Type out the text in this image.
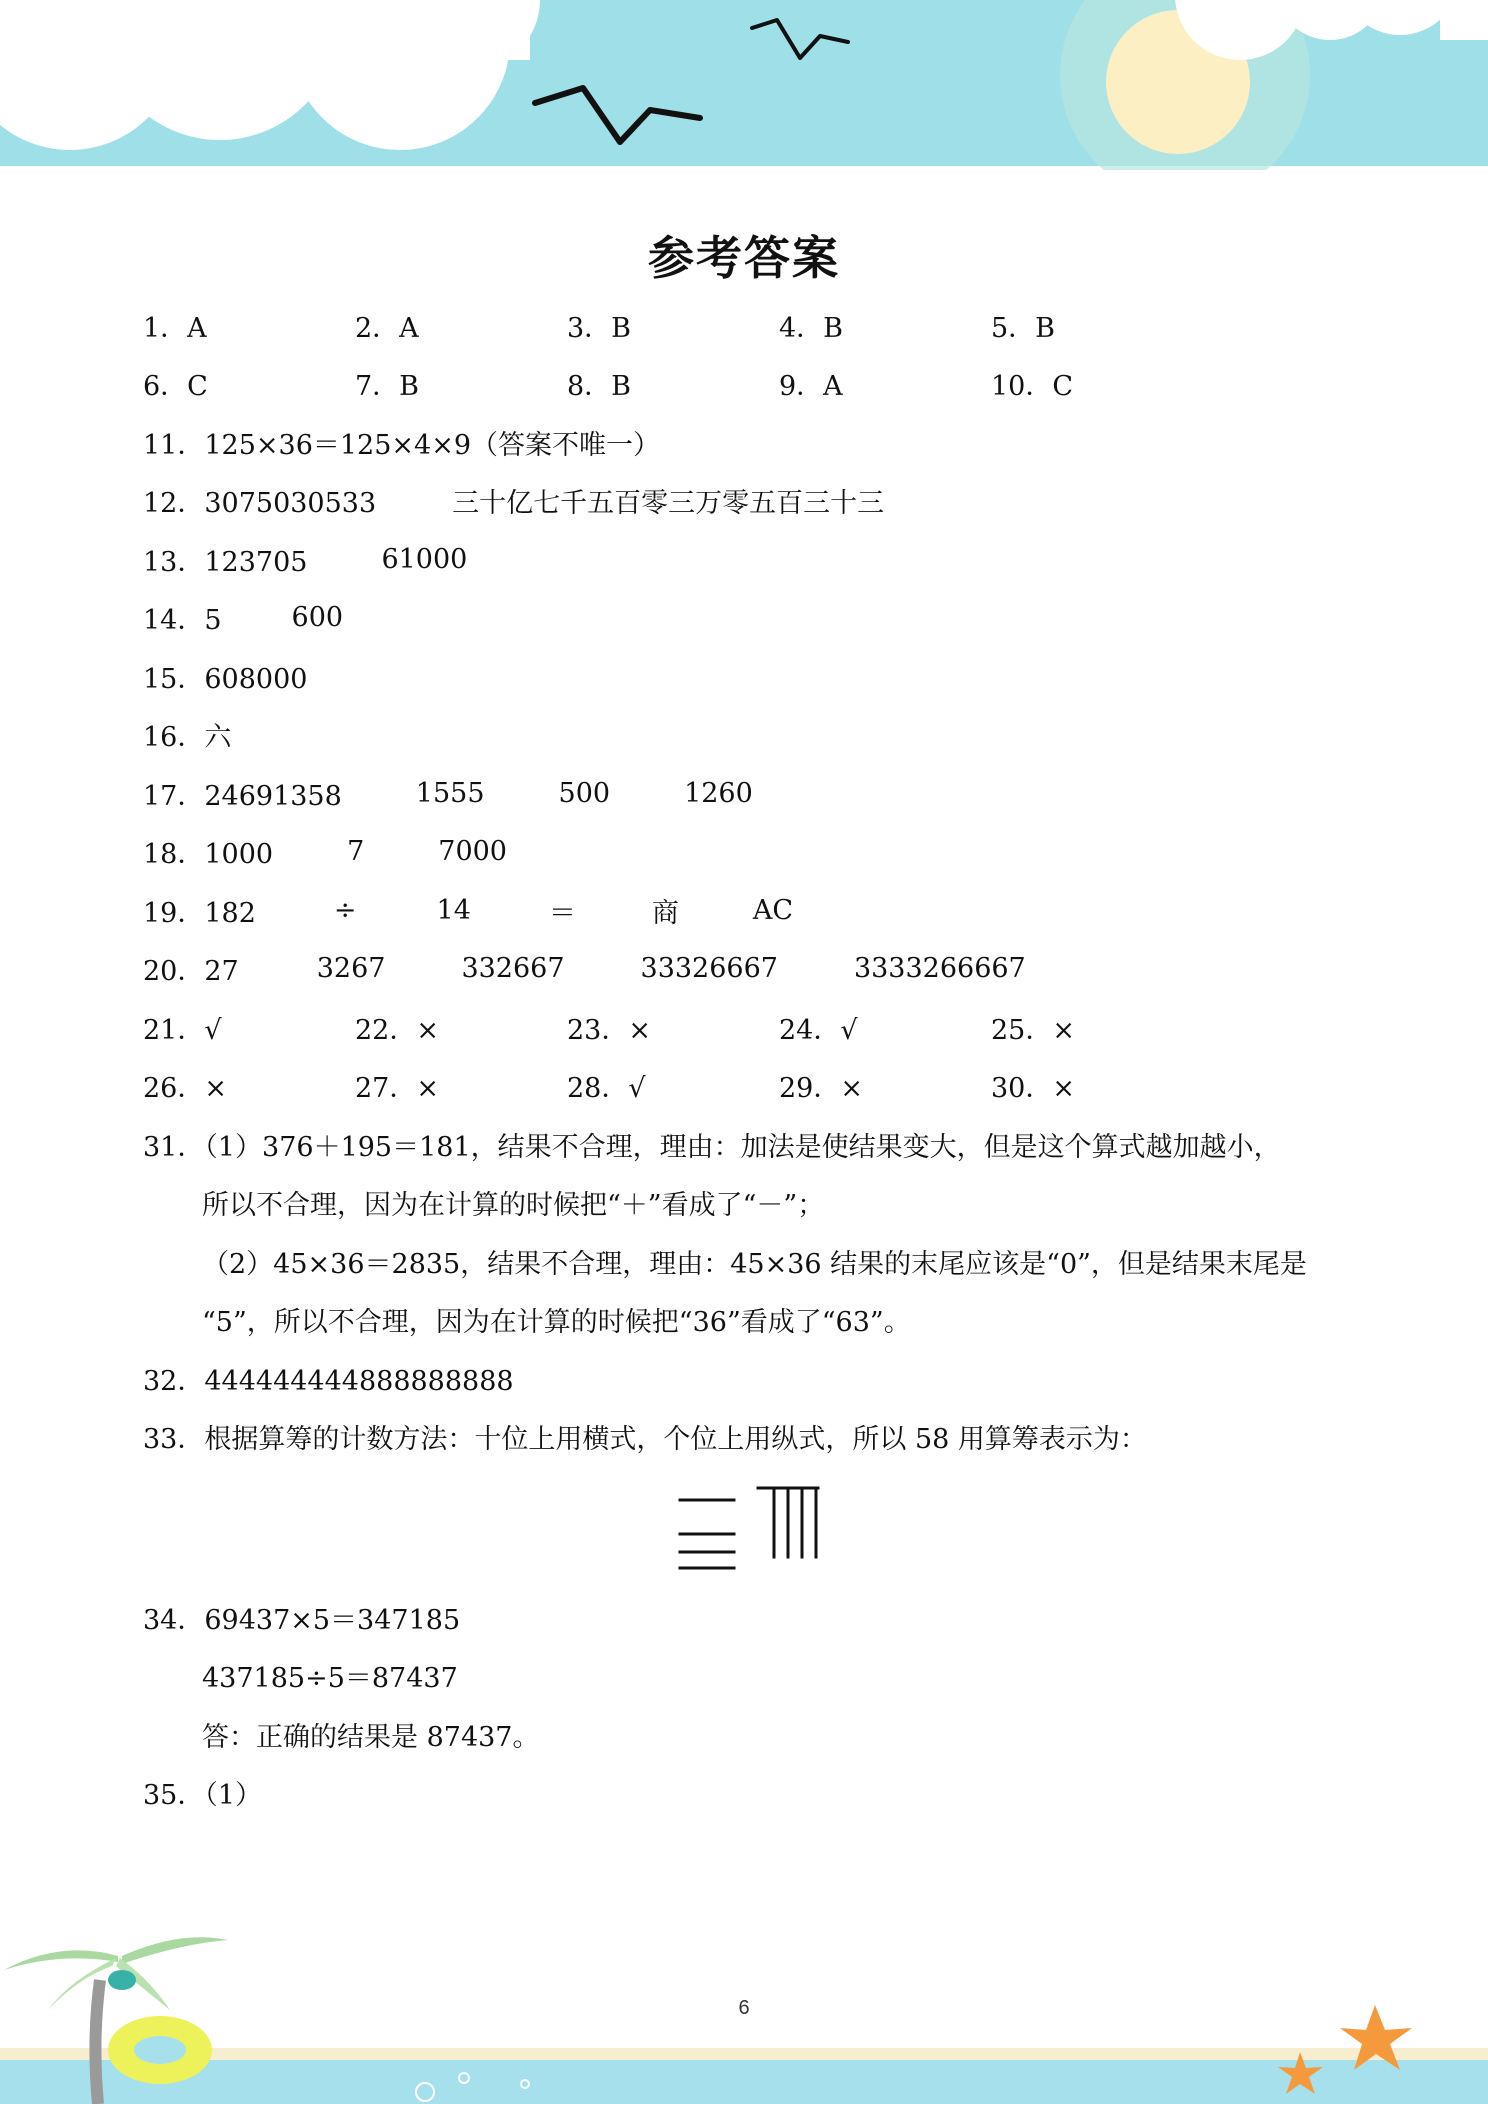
参考答案
1．A	2．A	3．B	4．B	5．B
6．C	7．B	8．B	9．A	10．C
11．125×36＝125×4×9（答案不唯一）
12．3075030533	三十亿七千五百零三万零五百三十三
13．123705	61000
14．5	600
15．608000
16．六
17．24691358	1555	500	1260
18．1000	7	7000
19．182	÷	14	＝	商	AC
20．27	3267	332667	33326667	3333266667
21．√	22．×	23．×	24．√	25．×
26．×	27．×	28．√	29．×	30．×
31．（1）376＋195＝181，结果不合理，理由：加法是使结果变大，但是这个算式越加越小，
所以不合理，因为在计算的时候把“＋”看成了“－”；
（2）45×36＝2835，结果不合理，理由：45×36 结果的末尾应该是“0”，但是结果末尾是
“5”，所以不合理，因为在计算的时候把“36”看成了“63”。
32．444444444888888888
33．根据算筹的计数方法：十位上用横式，个位上用纵式，所以 58 用算筹表示为：
34．69437×5＝347185
437185÷5＝87437
答：正确的结果是 87437。
35．（1）
6
